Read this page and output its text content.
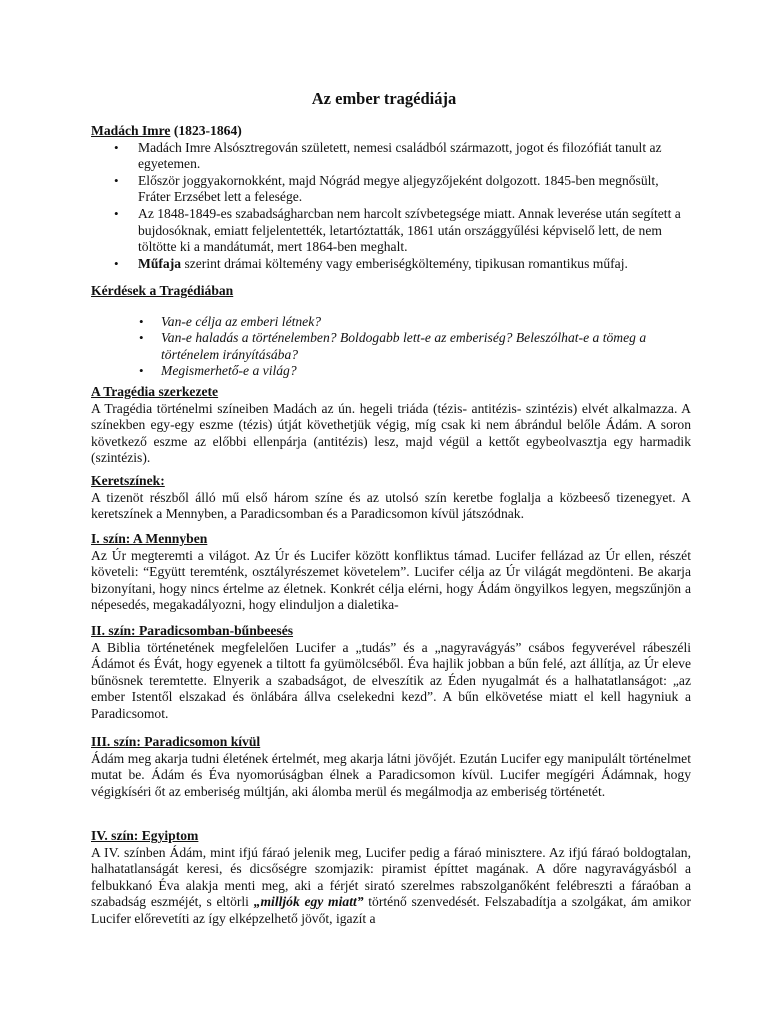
Az ember tragédiája
Madách Imre (1823-1864)
• Madách Imre Alsósztregován született, nemesi családból származott, jogot és filozófiát tanult az egyetemen.
• Először joggyakornokként, majd Nógrád megye aljegyzőjeként dolgozott. 1845-ben megnősült, Fráter Erzsébet lett a felesége.
• Az 1848-1849-es szabadságharcban nem harcolt szívbetegsége miatt. Annak leverése után segített a bujdosóknak, emiatt feljelentették, letartóztatták, 1861 után országgyűlési képviselő lett, de nem töltötte ki a mandátumát, mert 1864-ben meghalt.
• Műfaja szerint drámai költemény vagy emberiségköltemény, tipikusan romantikus műfaj.
Kérdések a Tragédiában
• Van-e célja az emberi létnek?
• Van-e haladás a történelemben? Boldogabb lett-e az emberiség? Beleszólhat-e a tömeg a történelem irányításába?
• Megismerhető-e a világ?
A Tragédia szerkezete

A Tragédia történelmi színeiben Madách az ún. hegeli triáda (tézis- antitézis- szintézis) elvét alkalmazza. A színekben egy-egy eszme (tézis) útját követhetjük végig, míg csak ki nem ábrándul belőle Ádám. A soron következő eszme az előbbi ellenpárja (antitézis) lesz, majd végül a kettőt egybeolvasztja egy harmadik (szintézis).

Keretszínek:

A tizenöt részből álló mű első három színe és az utolsó szín keretbe foglalja a közbeeső tizenegyet. A keretszínek a Mennyben, a Paradicsomban és a Paradicsomon kívül játszódnak.

I. szín: A Mennyben

Az Úr megteremti a világot. Az Úr és Lucifer között konfliktus támad. Lucifer fellázad az Úr ellen, részét követeli: “Együtt teremténk, osztályrészemet követelem”. Lucifer célja az Úr világát megdönteni. Be akarja bizonyítani, hogy nincs értelme az életnek. Konkrét célja elérni, hogy Ádám öngyilkos legyen, megszűnjön a népesedés, megakadályozni, hogy elinduljon a dialetika-

II. szín: Paradicsomban-bűnbeesés

A Biblia történetének megfelelően Lucifer a „tudás” és a „nagyravágyás” csábos fegyverével rábeszéli Ádámot és Évát, hogy egyenek a tiltott fa gyümölcséből. Éva hajlik jobban a bűn felé, azt állítja, az Úr eleve bűnösnek teremtette. Elnyerik a szabadságot, de elveszítik az Éden nyugalmát és a halhatatlanságot: „az ember Istentől elszakad és önlábára állva cselekedni kezd”. A bűn elkövetése miatt el kell hagyniuk a Paradicsomot.

III. szín: Paradicsomon kívül

Ádám meg akarja tudni életének értelmét, meg akarja látni jövőjét. Ezután Lucifer egy manipulált történelmet mutat be. Ádám és Éva nyomorúságban élnek a Paradicsomon kívül. Lucifer megígéri Ádámnak, hogy végigkíséri őt az emberiség múltján, aki álomba merül és megálmodja az emberiség történetét.

IV. szín: Egyiptom

A IV. színben Ádám, mint ifjú fáraó jelenik meg, Lucifer pedig a fáraó minisztere. Az ifjú fáraó boldogtalan, halhatatlanságát keresi, és dicsőségre szomjazik: piramist építtet magának. A dőre nagyravágyásból a felbukkanó Éva alakja menti meg, aki a férjét sirató szerelmes rabszolganőként felébreszti a fáraóban a szabadság eszméjét, s eltörli „milljók egy miatt” történő szenvedését. Felszabadítja a szolgákat, ám amikor Lucifer előrevetíti az így elképzelhető jövőt, igazít a
